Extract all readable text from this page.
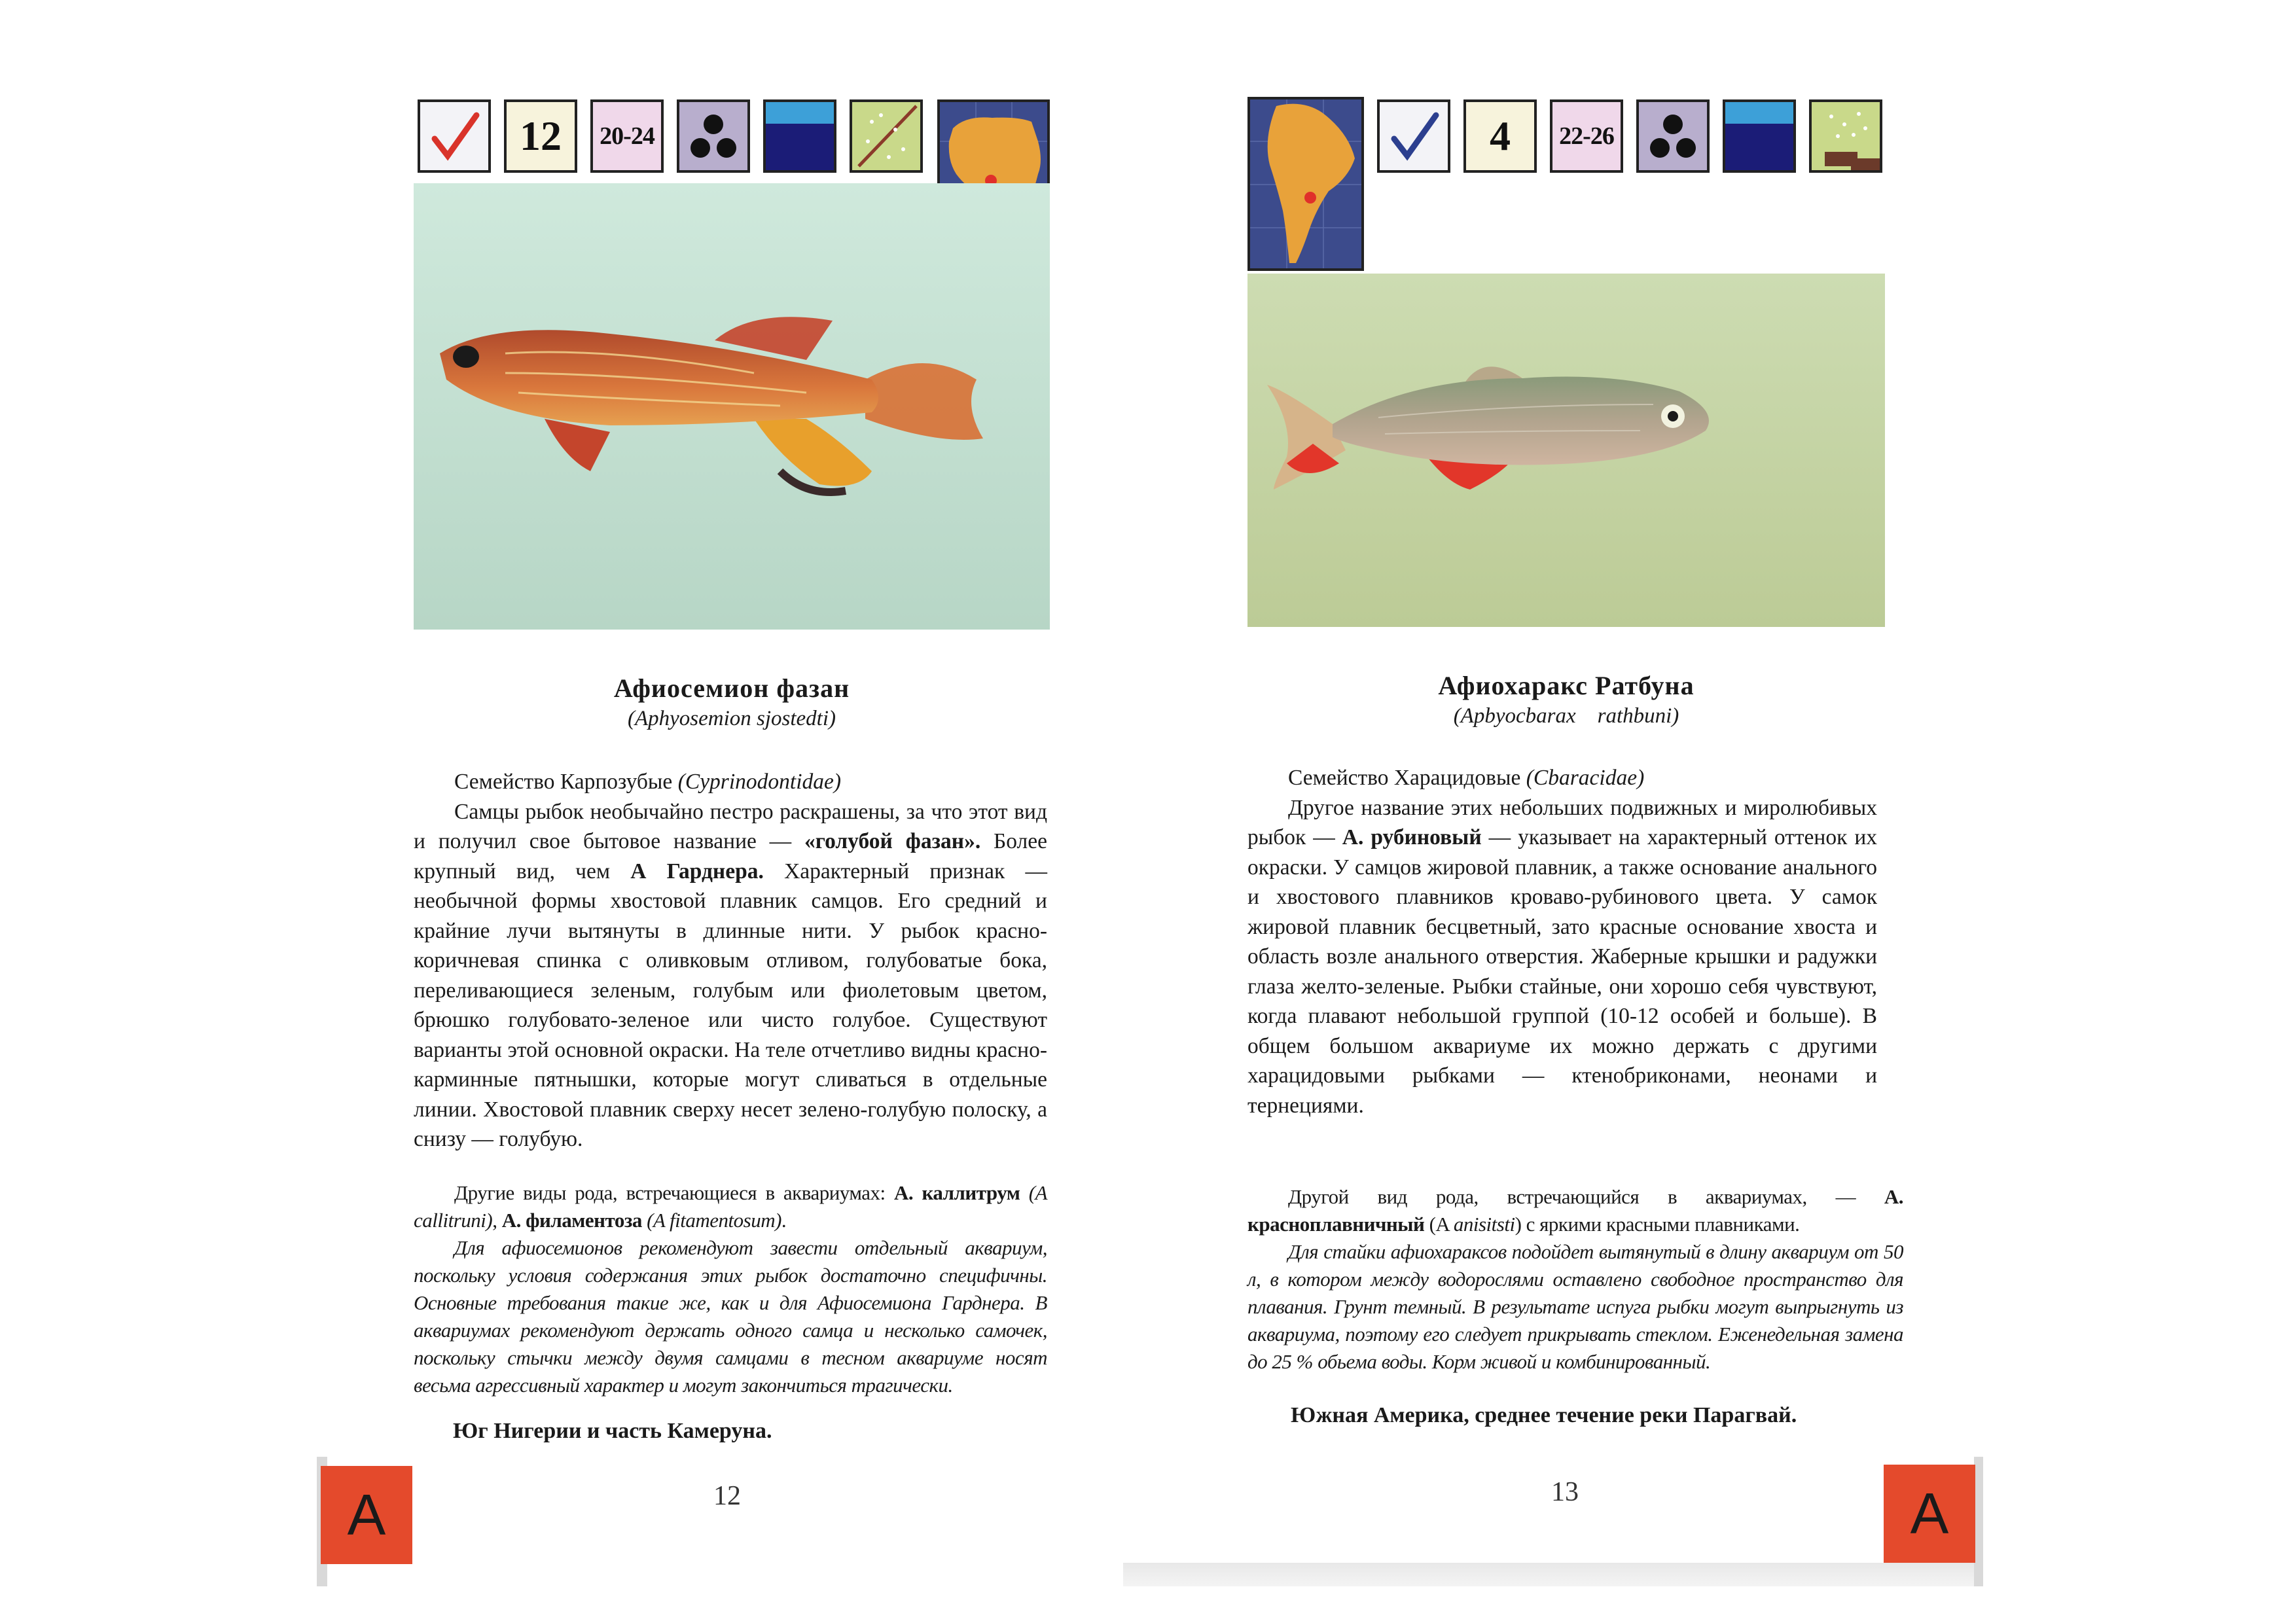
12 20-24
Афиосемион фазан
(Aphyosemion sjostedti)

Семейство Карпозубые (Cyprinodontidae)

Самцы рыбок необычайно пестро раскрашены, за что этот вид и получил свое бытовое название — «голубой фазан». Более крупный вид, чем А Гарднера. Характерный признак — необычной формы хвостовой плавник самцов. Его средний и крайние лучи вытянуты в длинные нити. У рыбок красно-коричневая спинка с оливковым отливом, голубоватые бока, переливающиеся зеленым, голубым или фиолетовым цветом, брюшко голубовато-зеленое или чисто голубое. Существуют варианты этой основной окраски. На теле отчетливо видны красно-карминные пятнышки, которые могут сливаться в отдельные линии. Хвостовой плавник сверху несет зелено-голубую полоску, а снизу — голубую.

Другие виды рода, встречающиеся в аквариумах: А. каллитрум (A callitruni), А. филаментоза (A fitamentosum).

Для афиосемионов рекомендуют завести отдельный аквариум, поскольку условия содержания этих рыбок достаточно специфичны. Основные требования такие же, как и для Афиосемиона Гарднера. В аквариумах рекомендуют держать одного самца и несколько самочек, поскольку стычки между двумя самцами в тесном аквариуме носят весьма агрессивный характер и могут закончиться трагически.

Юг Нигерии и часть Камеруна.
12
A
4 22-26
Афиохаракс Ратбуна
(Apbyocbarax    rathbuni)

Семейство Харацидовые (Cbaracidae)

Другое название этих небольших подвижных и миролюбивых рыбок — А. рубиновый — указывает на характерный оттенок их окраски. У самцов жировой плавник, а также основание анального и хвостового плавников кроваво-рубинового цвета. У самок жировой плавник бесцветный, зато красные основание хвоста и область возле анального отверстия. Жаберные крышки и радужки глаза желто-зеленые. Рыбки стайные, они хорошо себя чувствуют, когда плавают небольшой группой (10-12 особей и больше). В общем большом аквариуме их можно держать с другими харацидовыми рыбками — ктенобриконами, неонами и тернециями.

Другой вид рода, встречающийся в аквариумах, — А. красноплавничный (A anisitsti) с яркими красными плавниками.

Для стайки афиохараксов подойдет вытянутый в длину аквариум от 50 л, в котором между водорослями оставлено свободное пространство для плавания. Грунт темный. В результате испуга рыбки могут выпрыгнуть из аквариума, поэтому его следует прикрывать стеклом. Еженедельная замена до 25 % обьема воды. Корм живой и комбинированный.

Южная Америка, среднее течение реки Парагвай.
13	A
